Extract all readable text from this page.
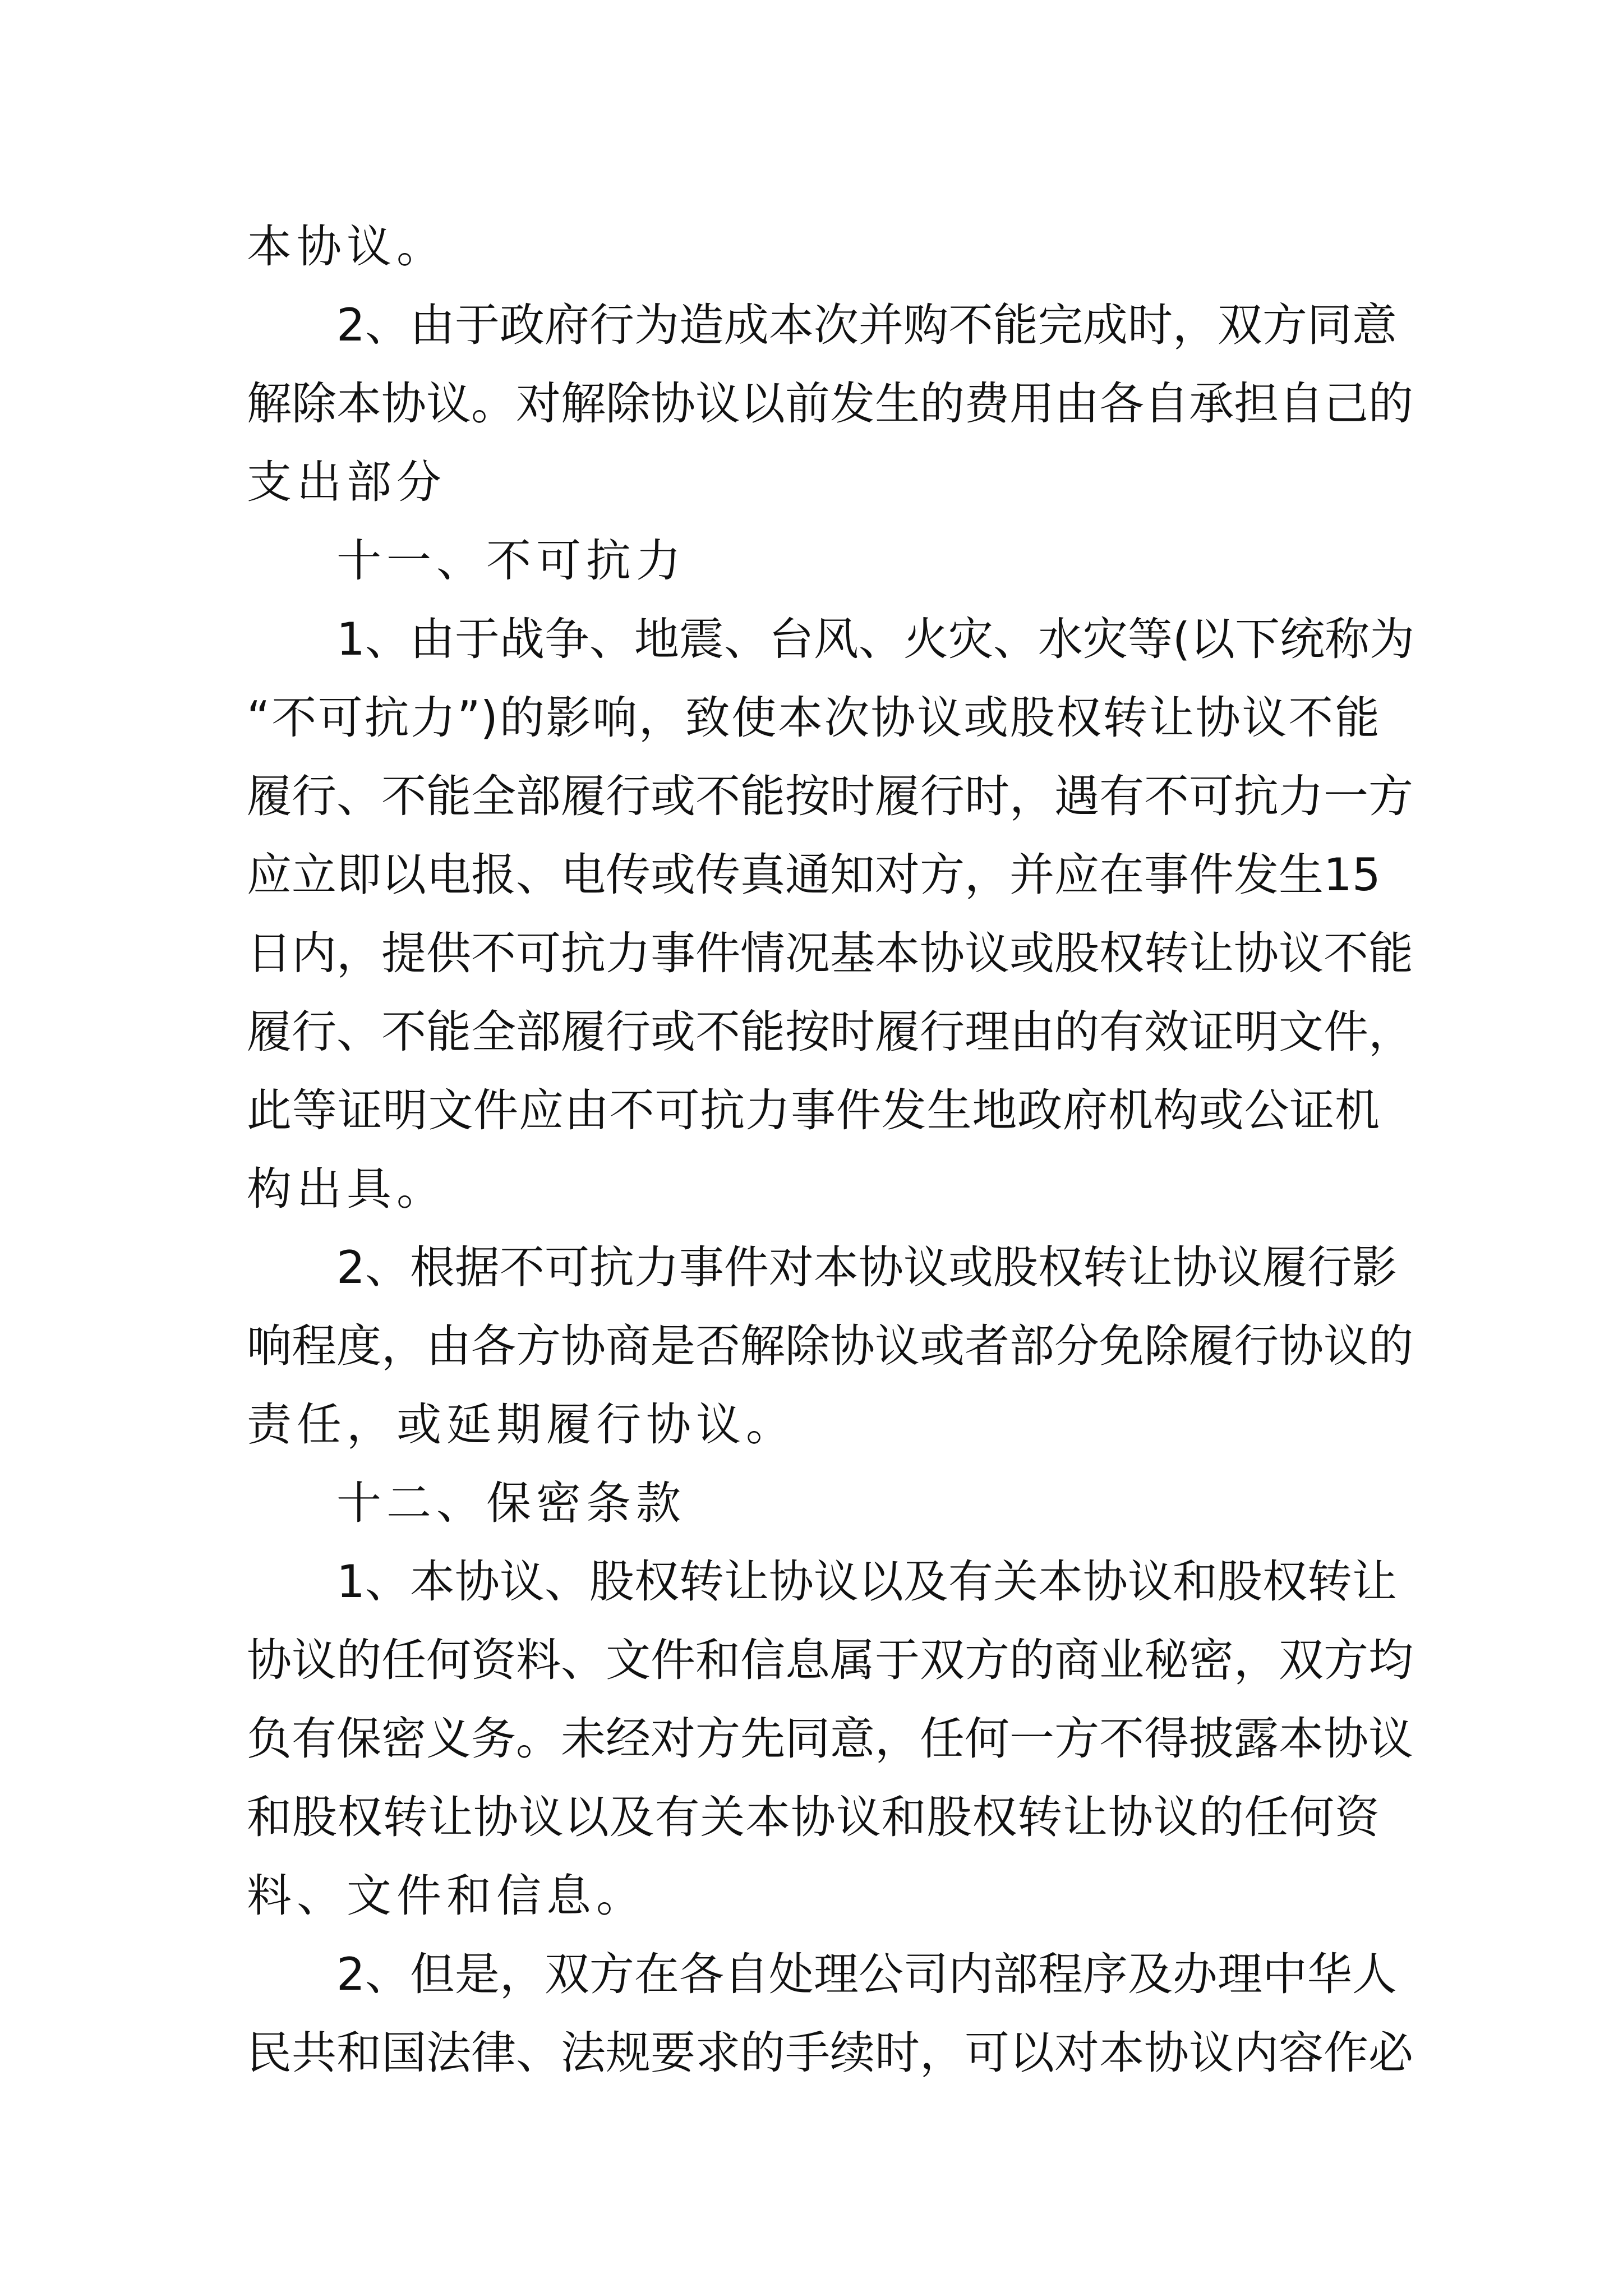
本协议。
2、由于政府行为造成本次并购不能完成时，双方同意
解除本协议。对解除协议以前发生的费用由各自承担自己的
支出部分
十一、不可抗力
1、由于战争、地震、台风、火灾、水灾等(以下统称为
“不可抗力”)的影响，致使本次协议或股权转让协议不能
履行、不能全部履行或不能按时履行时，遇有不可抗力一方
应立即以电报、电传或传真通知对方，并应在事件发生15
日内，提供不可抗力事件情况基本协议或股权转让协议不能
履行、不能全部履行或不能按时履行理由的有效证明文件，
此等证明文件应由不可抗力事件发生地政府机构或公证机
构出具。
2、根据不可抗力事件对本协议或股权转让协议履行影
响程度，由各方协商是否解除协议或者部分免除履行协议的
责任，或延期履行协议。
十二、保密条款
1、本协议、股权转让协议以及有关本协议和股权转让
协议的任何资料、文件和信息属于双方的商业秘密，双方均
负有保密义务。未经对方先同意，任何一方不得披露本协议
和股权转让协议以及有关本协议和股权转让协议的任何资
料、文件和信息。
2、但是，双方在各自处理公司内部程序及办理中华人
民共和国法律、法规要求的手续时，可以对本协议内容作必
